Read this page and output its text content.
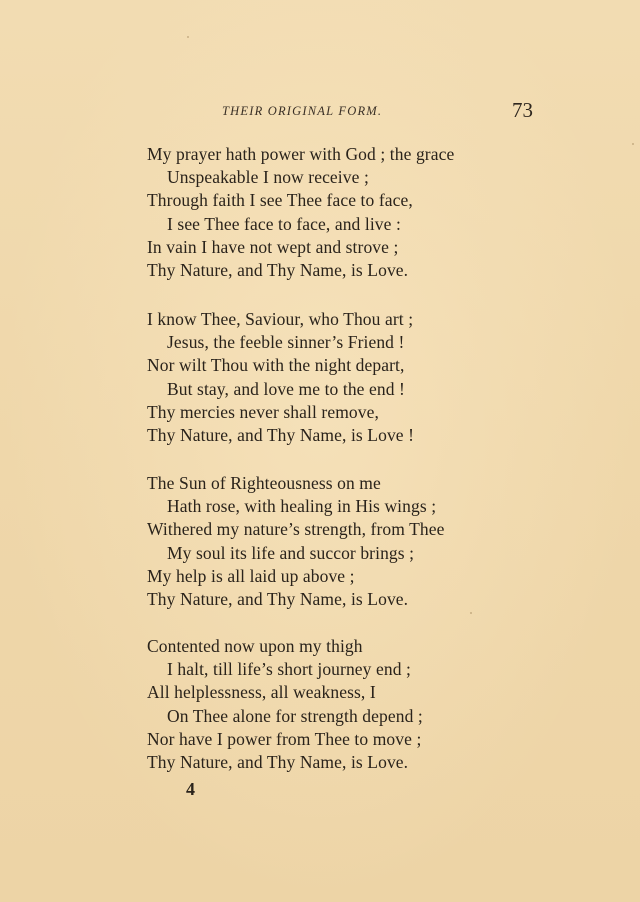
THEIR ORIGINAL FORM.	73
My prayer hath power with God ; the grace
Unspeakable I now receive ;
Through faith I see Thee face to face,
I see Thee face to face, and live :
In vain I have not wept and strove ;
Thy Nature, and Thy Name, is Love.
I know Thee, Saviour, who Thou art ;
Jesus, the feeble sinner’s Friend !
Nor wilt Thou with the night depart,
But stay, and love me to the end !
Thy mercies never shall remove,
Thy Nature, and Thy Name, is Love !
The Sun of Righteousness on me
Hath rose, with healing in His wings ;
Withered my nature’s strength, from Thee
My soul its life and succor brings ;
My help is all laid up above ;
Thy Nature, and Thy Name, is Love.
Contented now upon my thigh
I halt, till life’s short journey end ;
All helplessness, all weakness, I
On Thee alone for strength depend ;
Nor have I power from Thee to move ;
Thy Nature, and Thy Name, is Love.
4
